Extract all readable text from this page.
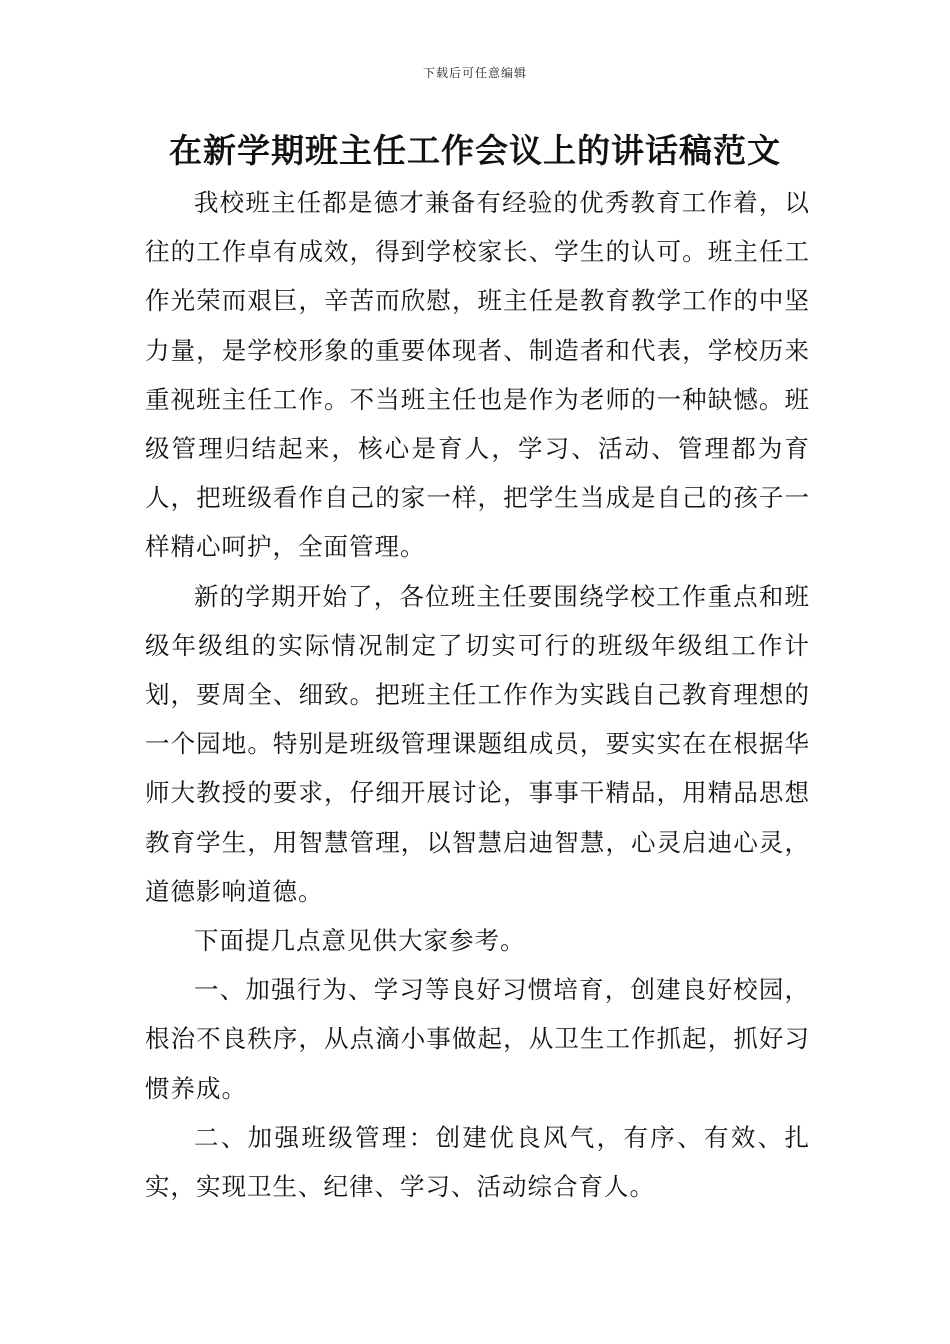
下载后可任意编辑
在新学期班主任工作会议上的讲话稿范文

我校班主任都是德才兼备有经验的优秀教育工作着，以往的工作卓有成效，得到学校家长、学生的认可。班主任工作光荣而艰巨，辛苦而欣慰，班主任是教育教学工作的中坚力量，是学校形象的重要体现者、制造者和代表，学校历来重视班主任工作。不当班主任也是作为老师的一种缺憾。班级管理归结起来，核心是育人，学习、活动、管理都为育人，把班级看作自己的家一样，把学生当成是自己的孩子一样精心呵护，全面管理。

新的学期开始了，各位班主任要围绕学校工作重点和班级年级组的实际情况制定了切实可行的班级年级组工作计划，要周全、细致。把班主任工作作为实践自己教育理想的一个园地。特别是班级管理课题组成员，要实实在在根据华师大教授的要求，仔细开展讨论，事事干精品，用精品思想教育学生，用智慧管理，以智慧启迪智慧，心灵启迪心灵，道德影响道德。

下面提几点意见供大家参考。

一、加强行为、学习等良好习惯培育，创建良好校园，根治不良秩序，从点滴小事做起，从卫生工作抓起，抓好习惯养成。

二、加强班级管理：创建优良风气，有序、有效、扎实，实现卫生、纪律、学习、活动综合育人。
